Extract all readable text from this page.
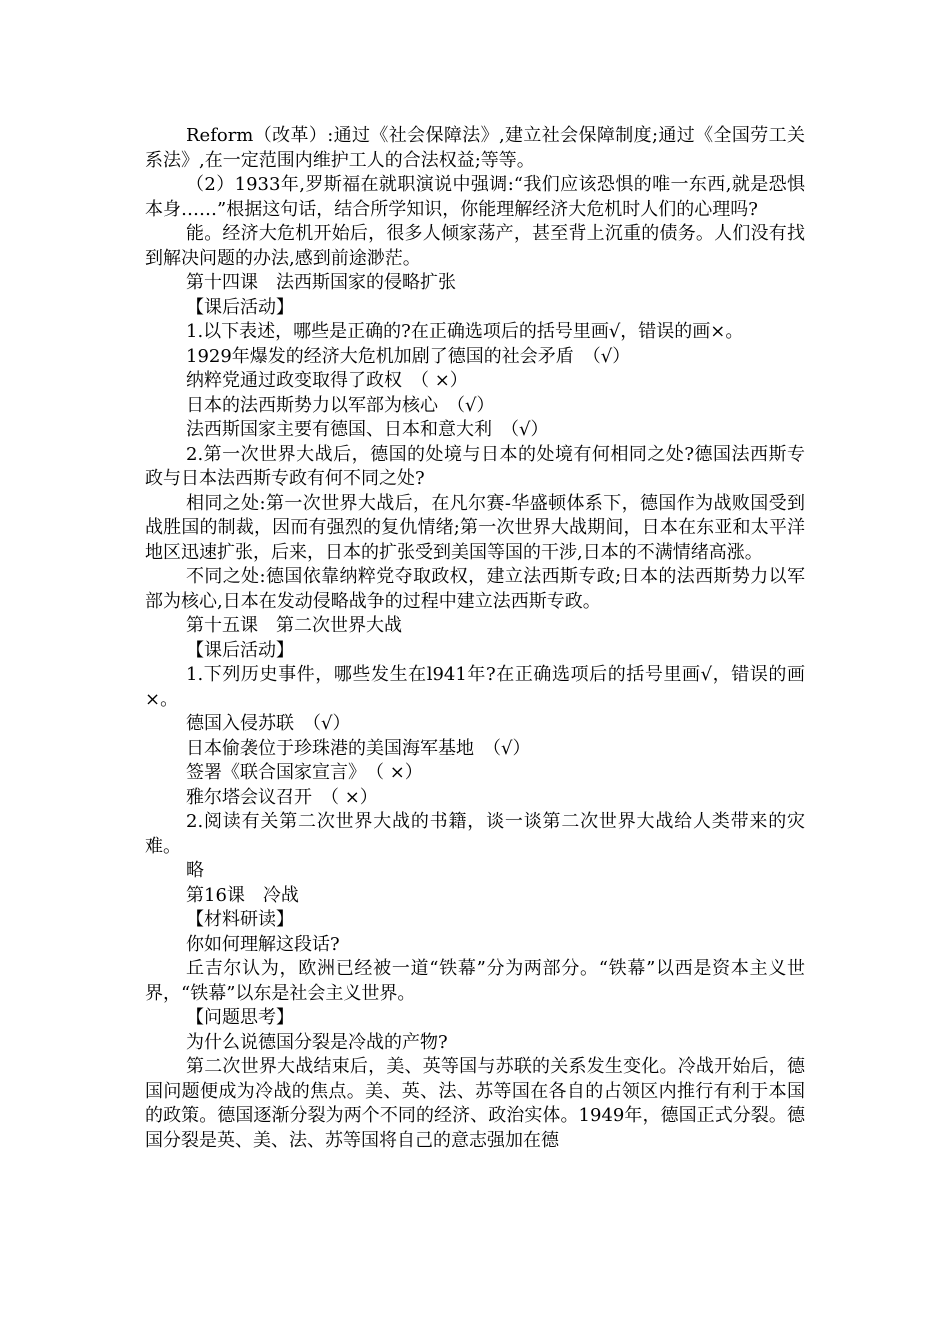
Reform（改革）:通过《社会保障法》,建立社会保障制度;通过《全国劳工关系法》,在一定范围内维护工人的合法权益;等等。

（2）1933年,罗斯福在就职演说中强调:“我们应该恐惧的唯一东西,就是恐惧本身……”根据这句话，结合所学知识，你能理解经济大危机时人们的心理吗?

能。经济大危机开始后，很多人倾家荡产，甚至背上沉重的债务。人们没有找到解决问题的办法,感到前途渺茫。

第十四课　法西斯国家的侵略扩张

【课后活动】

1.以下表述，哪些是正确的?在正确选项后的括号里画√，错误的画×。

1929年爆发的经济大危机加剧了德国的社会矛盾　（√）

纳粹党通过政变取得了政权　（ ×）

日本的法西斯势力以军部为核心　（√）

法西斯国家主要有德国、日本和意大利　（√）

2.第一次世界大战后，德国的处境与日本的处境有何相同之处?德国法西斯专政与日本法西斯专政有何不同之处?

相同之处:第一次世界大战后，在凡尔赛-华盛顿体系下，德国作为战败国受到战胜国的制裁，因而有强烈的复仇情绪;第一次世界大战期间，日本在东亚和太平洋地区迅速扩张，后来，日本的扩张受到美国等国的干涉,日本的不满情绪高涨。

不同之处:德国依靠纳粹党夺取政权，建立法西斯专政;日本的法西斯势力以军部为核心,日本在发动侵略战争的过程中建立法西斯专政。

第十五课　第二次世界大战

【课后活动】

1.下列历史事件，哪些发生在l941年?在正确选项后的括号里画√，错误的画×。

德国入侵苏联　（√）

日本偷袭位于珍珠港的美国海军基地　（√）

签署《联合国家宣言》　（ ×）

雅尔塔会议召开　（ ×）

2.阅读有关第二次世界大战的书籍，谈一谈第二次世界大战给人类带来的灾难。

略

第16课　冷战

【材料研读】

你如何理解这段话?

丘吉尔认为，欧洲已经被一道“铁幕”分为两部分。“铁幕”以西是资本主义世界，“铁幕”以东是社会主义世界。

【问题思考】

为什么说德国分裂是冷战的产物?

第二次世界大战结束后，美、英等国与苏联的关系发生变化。冷战开始后，德国问题便成为冷战的焦点。美、英、法、苏等国在各自的占领区内推行有利于本国的政策。德国逐渐分裂为两个不同的经济、政治实体。1949年，德国正式分裂。德国分裂是英、美、法、苏等国将自己的意志强加在德
